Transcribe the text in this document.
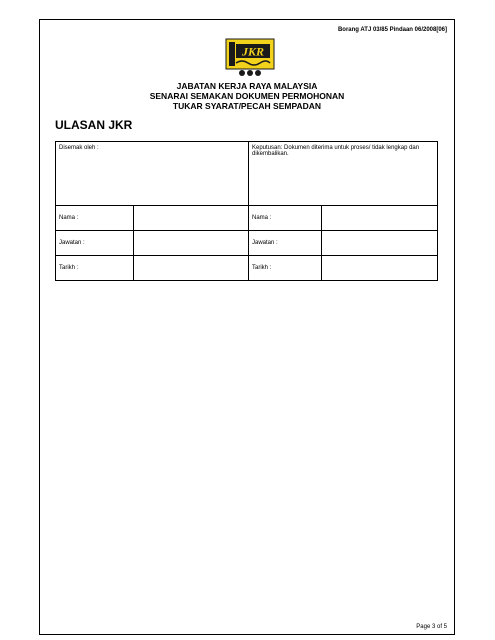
Borang ATJ 03/85 Pindaan 06/2008[06]
JKR
JABATAN KERJA RAYA MALAYSIA
SENARAI SEMAKAN DOKUMEN PERMOHONAN
TUKAR SYARAT/PECAH SEMPADAN
ULASAN JKR
Disemak oleh :		Keputusan: Dokumen diterima untuk proses/ tidak lengkap dan dikembalikan.	
Nama :		Nama :	
Jawatan :		Jawatan :	
Tarikh :		Tarikh :	
Page 3 of 5
